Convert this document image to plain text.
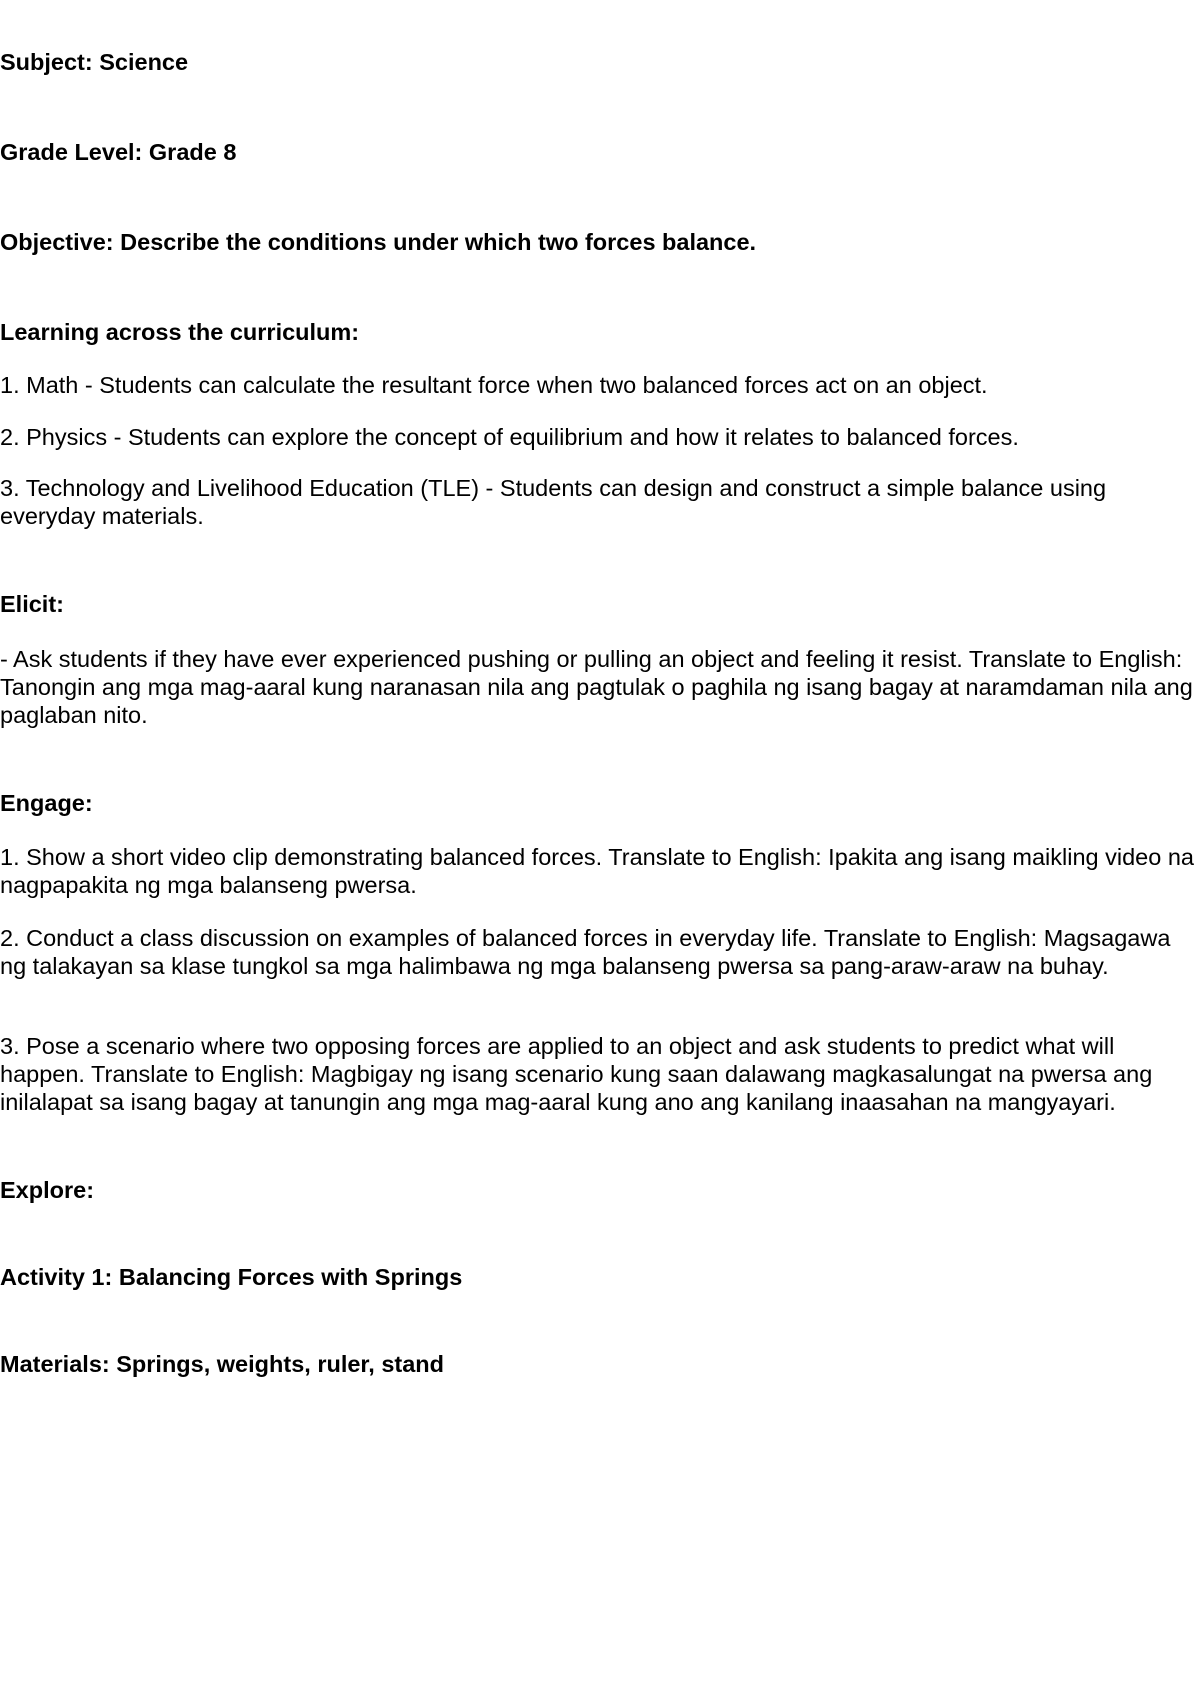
Subject: Science

Grade Level: Grade 8

Objective: Describe the conditions under which two forces balance.

Learning across the curriculum:

1. Math - Students can calculate the resultant force when two balanced forces act on an object.

2. Physics - Students can explore the concept of equilibrium and how it relates to balanced forces.

3. Technology and Livelihood Education (TLE) - Students can design and construct a simple balance using everyday materials.

Elicit:

- Ask students if they have ever experienced pushing or pulling an object and feeling it resist. Translate to English: Tanongin ang mga mag-aaral kung naranasan nila ang pagtulak o paghila ng isang bagay at naramdaman nila ang paglaban nito.

Engage:

1. Show a short video clip demonstrating balanced forces. Translate to English: Ipakita ang isang maikling video na nagpapakita ng mga balanseng pwersa.

2. Conduct a class discussion on examples of balanced forces in everyday life. Translate to English: Magsagawa ng talakayan sa klase tungkol sa mga halimbawa ng mga balanseng pwersa sa pang-araw-araw na buhay.

3. Pose a scenario where two opposing forces are applied to an object and ask students to predict what will happen. Translate to English: Magbigay ng isang scenario kung saan dalawang magkasalungat na pwersa ang inilalapat sa isang bagay at tanungin ang mga mag-aaral kung ano ang kanilang inaasahan na mangyayari.

Explore:

Activity 1: Balancing Forces with Springs

Materials: Springs, weights, ruler, stand
